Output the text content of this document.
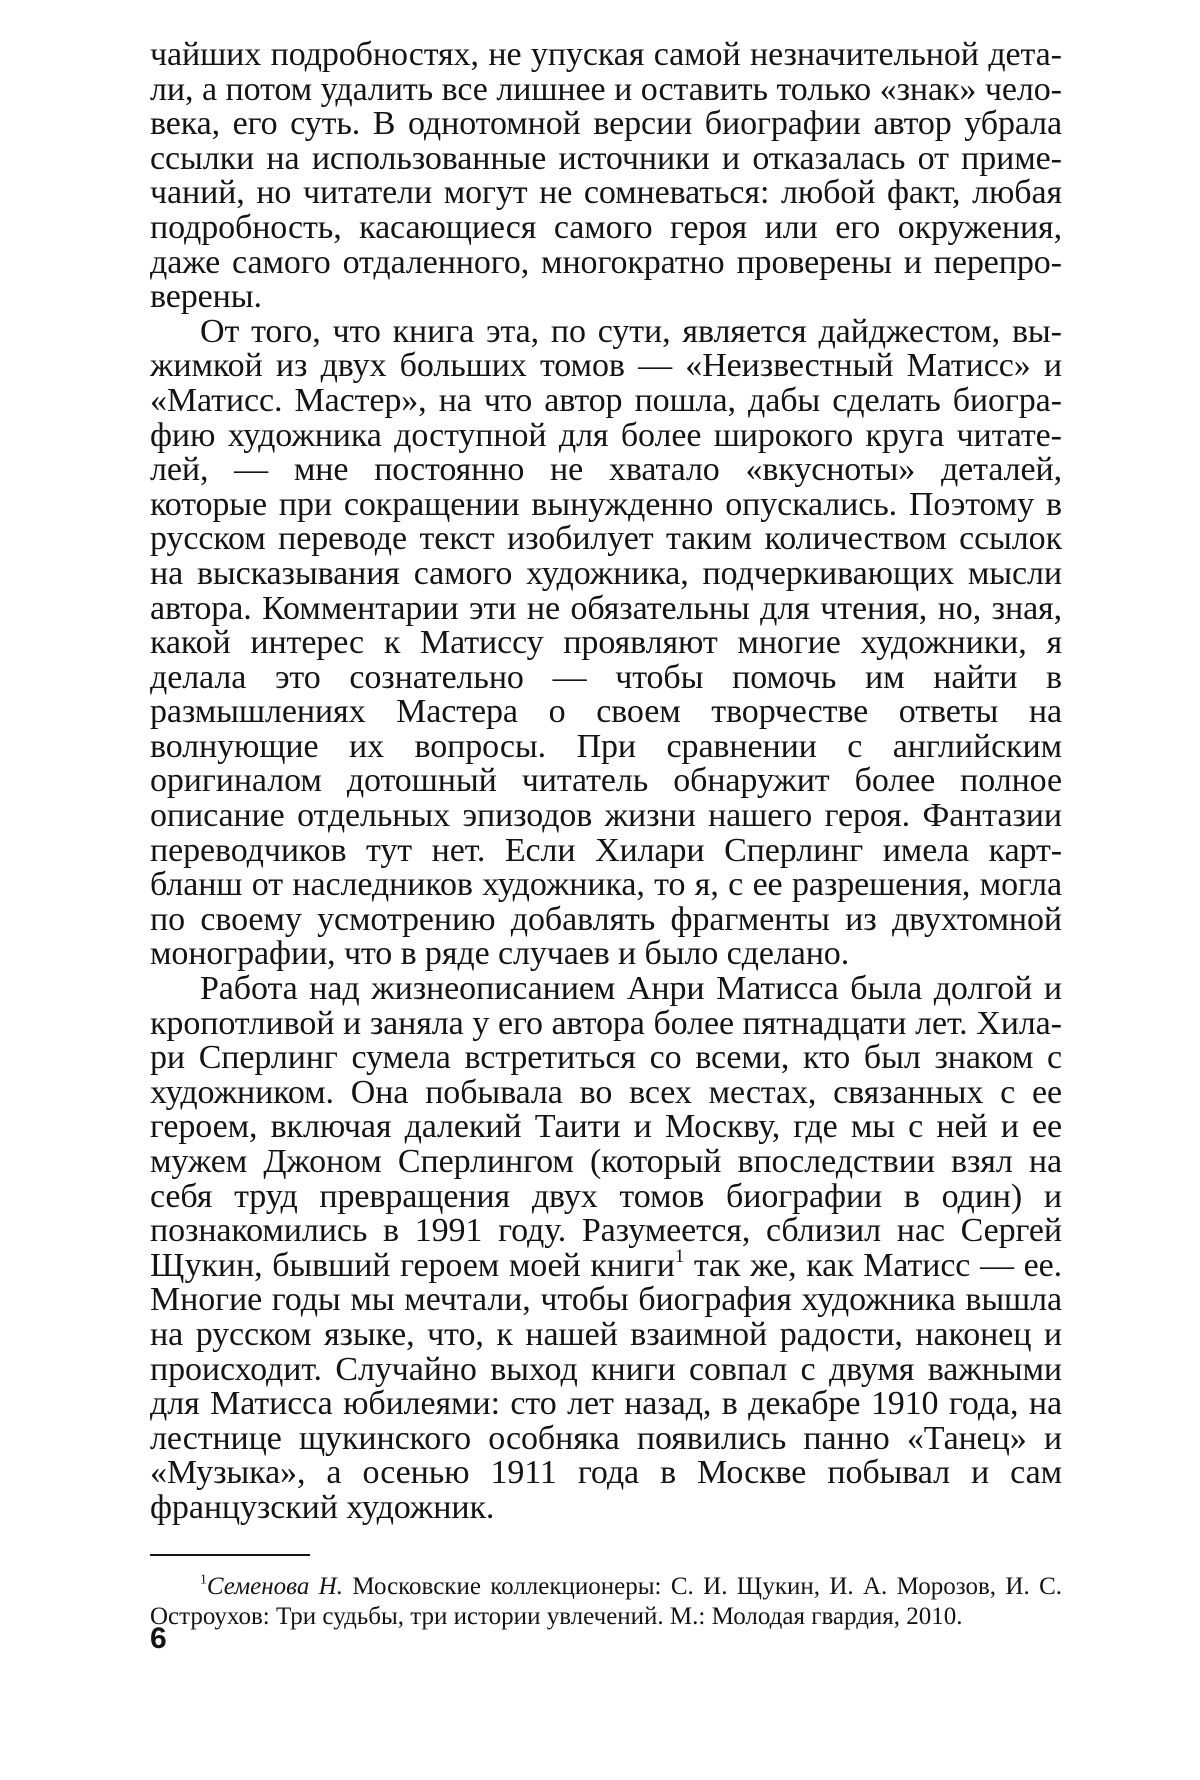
чайших подробностях, не упуская самой незначительной детали, а потом удалить все лишнее и оставить только «знак» человека, его суть. В однотомной версии биографии автор убрала ссылки на использованные источники и отказалась от примечаний, но читатели могут не сомневаться: любой факт, любая подробность, касающиеся самого героя или его окружения, даже самого отдаленного, многократно проверены и перепроверены.

От того, что книга эта, по сути, является дайджестом, выжимкой из двух больших томов — «Неизвестный Матисс» и «Матисс. Мастер», на что автор пошла, дабы сделать биографию художника доступной для более широкого круга читателей, — мне постоянно не хватало «вкусноты» деталей, которые при сокращении вынужденно опускались. Поэтому в русском переводе текст изобилует таким количеством ссылок на высказывания самого художника, подчеркивающих мысли автора. Комментарии эти не обязательны для чтения, но, зная, какой интерес к Матиссу проявляют многие художники, я делала это сознательно — чтобы помочь им найти в размышлениях Мастера о своем творчестве ответы на волнующие их вопросы. При сравнении с английским оригиналом дотошный читатель обнаружит более полное описание отдельных эпизодов жизни нашего героя. Фантазии переводчиков тут нет. Если Хилари Сперлинг имела карт-бланш от наследников художника, то я, с ее разрешения, могла по своему усмотрению добавлять фрагменты из двухтомной монографии, что в ряде случаев и было сделано.

Работа над жизнеописанием Анри Матисса была долгой и кропотливой и заняла у его автора более пятнадцати лет. Хилари Сперлинг сумела встретиться со всеми, кто был знаком с художником. Она побывала во всех местах, связанных с ее героем, включая далекий Таити и Москву, где мы с ней и ее мужем Джоном Сперлингом (который впоследствии взял на себя труд превращения двух томов биографии в один) и познакомились в 1991 году. Разумеется, сблизил нас Сергей Щукин, бывший героем моей книги$^1$ так же, как Матисс — ее. Многие годы мы мечтали, чтобы биография художника вышла на русском языке, что, к нашей взаимной радости, наконец и происходит. Случайно выход книги совпал с двумя важными для Матисса юбилеями: сто лет назад, в декабре 1910 года, на лестнице щукинского особняка появились панно «Танец» и «Музыка», а осенью 1911 года в Москве побывал и сам французский художник.

$^1$Семенова Н. Московские коллекционеры: С. И. Щукин, И. А. Морозов, И. С. Остроухов: Три судьбы, три истории увлечений. М.: Молодая гвардия, 2010.

6
